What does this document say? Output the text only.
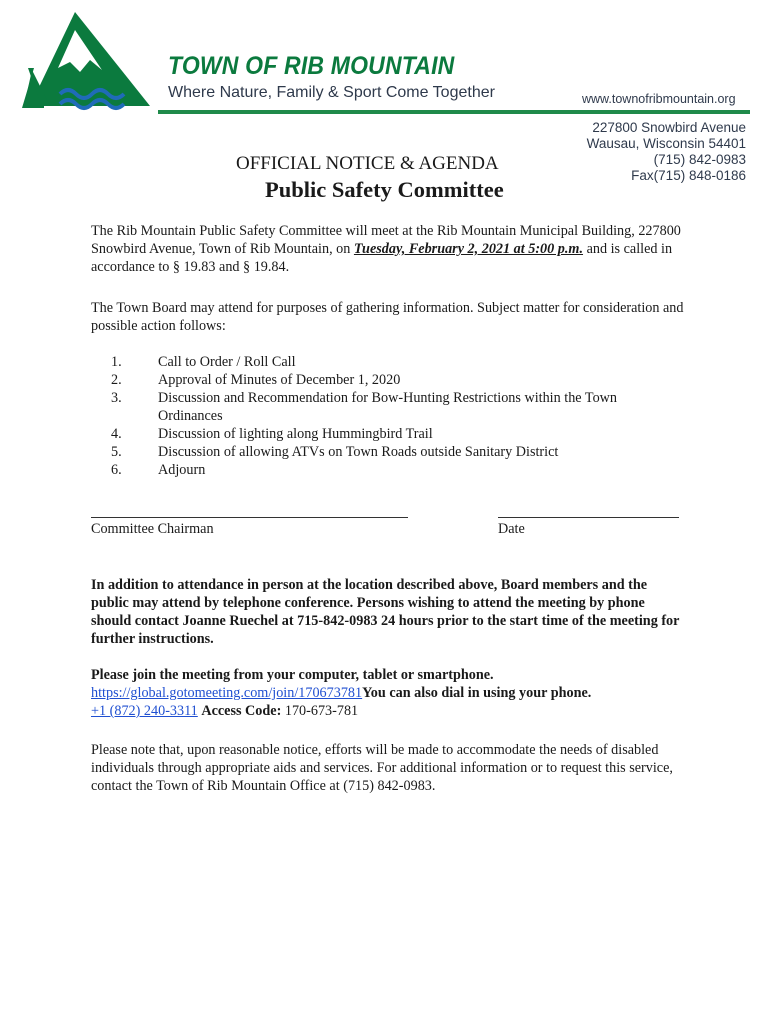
TOWN OF RIB MOUNTAIN
Where Nature, Family & Sport Come Together	www.townofribmountain.org
227800 Snowbird Avenue
Wausau, Wisconsin 54401
(715) 842-0983
Fax(715) 848-0186
OFFICIAL NOTICE & AGENDA
Public Safety Committee
The Rib Mountain Public Safety Committee will meet at the Rib Mountain Municipal Building, 227800 Snowbird Avenue, Town of Rib Mountain, on Tuesday, February 2, 2021 at 5:00 p.m. and is called in accordance to § 19.83 and § 19.84.
The Town Board may attend for purposes of gathering information. Subject matter for consideration and possible action follows:
1.	Call to Order / Roll Call
2.	Approval of Minutes of December 1, 2020
3.	Discussion and Recommendation for Bow-Hunting Restrictions within the Town Ordinances
4.	Discussion of lighting along Hummingbird Trail
5.	Discussion of allowing ATVs on Town Roads outside Sanitary District
6.	Adjourn
Committee Chairman	Date
In addition to attendance in person at the location described above, Board members and the public may attend by telephone conference. Persons wishing to attend the meeting by phone should contact Joanne Ruechel at 715-842-0983 24 hours prior to the start time of the meeting for further instructions.
Please join the meeting from your computer, tablet or smartphone.
https://global.gotomeeting.com/join/170673781You can also dial in using your phone.
+1 (872) 240-3311 Access Code: 170-673-781
Please note that, upon reasonable notice, efforts will be made to accommodate the needs of disabled individuals through appropriate aids and services. For additional information or to request this service, contact the Town of Rib Mountain Office at (715) 842-0983.
